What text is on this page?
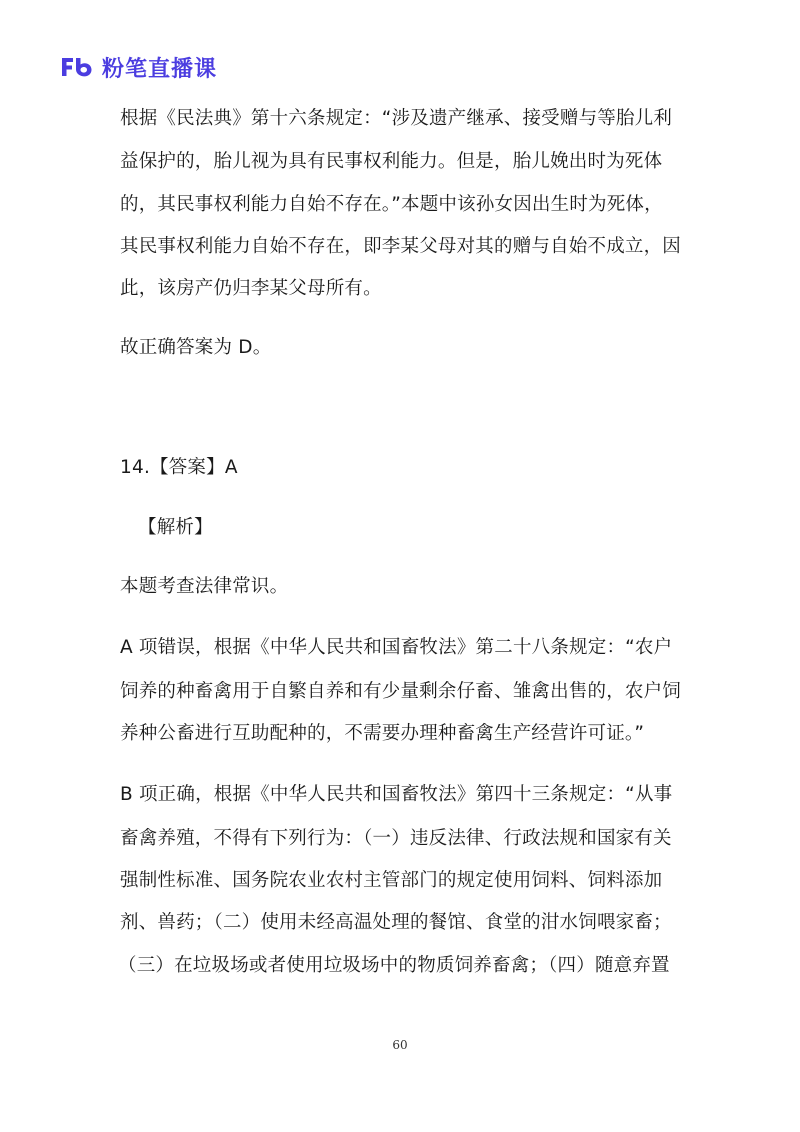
粉笔直播课
根据《民法典》第十六条规定：“涉及遗产继承、接受赠与等胎儿利
益保护的，胎儿视为具有民事权利能力。但是，胎儿娩出时为死体
的，其民事权利能力自始不存在。”本题中该孙女因出生时为死体，
其民事权利能力自始不存在，即李某父母对其的赠与自始不成立，因
此，该房产仍归李某父母所有。
故正确答案为 D。
14.【答案】A
【解析】
本题考查法律常识。
A 项错误，根据《中华人民共和国畜牧法》第二十八条规定：“农户
饲养的种畜禽用于自繁自养和有少量剩余仔畜、雏禽出售的，农户饲
养种公畜进行互助配种的，不需要办理种畜禽生产经营许可证。”
B 项正确，根据《中华人民共和国畜牧法》第四十三条规定：“从事
畜禽养殖，不得有下列行为：（一）违反法律、行政法规和国家有关
强制性标准、国务院农业农村主管部门的规定使用饲料、饲料添加
剂、兽药；（二）使用未经高温处理的餐馆、食堂的泔水饲喂家畜；
（三）在垃圾场或者使用垃圾场中的物质饲养畜禽；（四）随意弃置
60
